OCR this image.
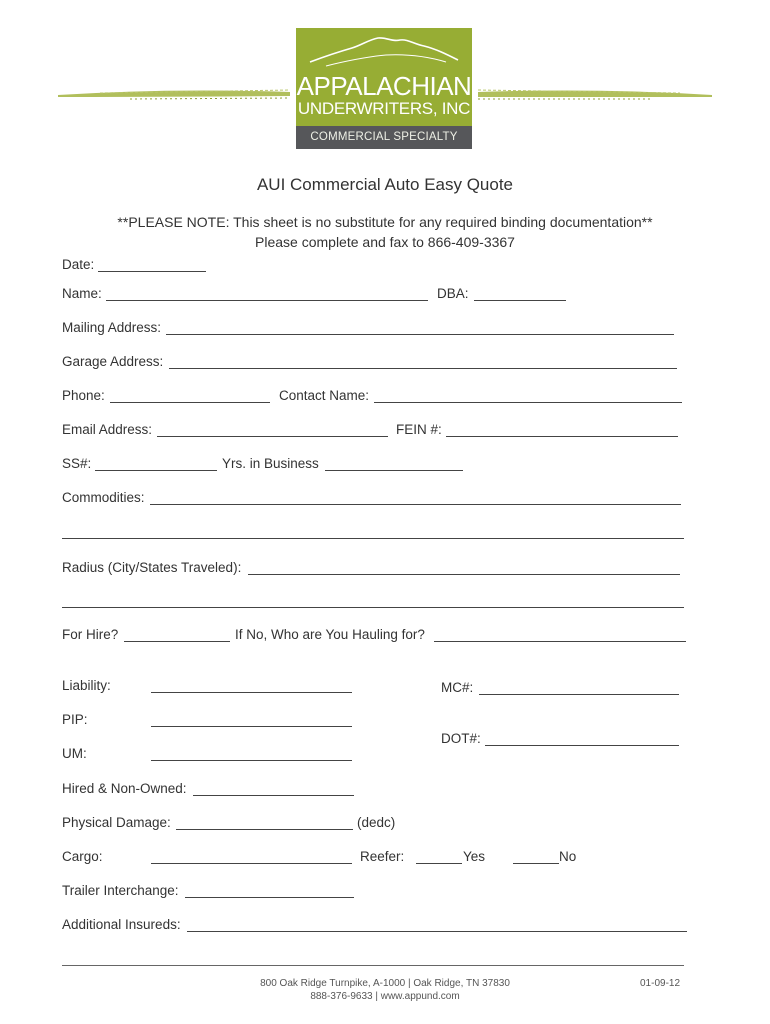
APPALACHIAN
UNDERWRITERS, INC
COMMERCIAL SPECIALTY
AUI Commercial Auto Easy Quote
**PLEASE NOTE: This sheet is no substitute for any required binding documentation**
Please complete and fax to 866-409-3367
Date:
Name:	DBA:
Mailing Address:
Garage Address:
Phone:	Contact Name:
Email Address:	FEIN #:
SS#:	Yrs. in Business
Commodities:
Radius (City/States Traveled):
For Hire?	If No, Who are You Hauling for?
Liability:	MC#:
PIP:
DOT#:
UM:
Hired & Non-Owned:
Physical Damage:	(dedc)
Cargo:	Reefer:	Yes	No
Trailer Interchange:
Additional Insureds:
800 Oak Ridge Turnpike, A-1000 | Oak Ridge, TN 37830
888-376-9633 | www.appund.com
01-09-12
